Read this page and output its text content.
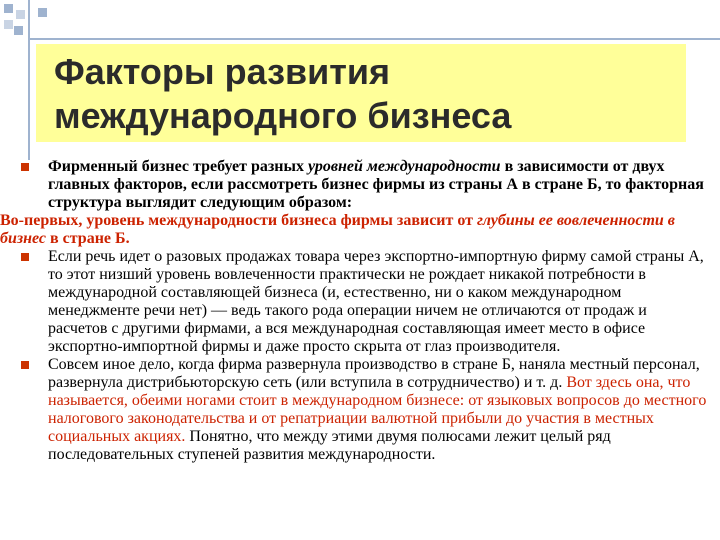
Факторы развития
международного бизнеса

Фирменный бизнес требует разных уровней международности в зависимости от двух главных факторов, если рассмотреть бизнес фирмы из страны А в стране Б, то факторная структура выглядит следующим образом:

Во-первых, уровень международности бизнеса фирмы зависит от глубины ее вовлеченности в бизнес в стране Б.

Если речь идет о разовых продажах товара через экспортно-импортную фирму самой страны А, то этот низший уровень вовлеченности практически не рождает никакой потребности в международной составляющей бизнеса (и, естественно, ни о каком международном менеджменте речи нет) — ведь такого рода операции ничем не отличаются от продаж и расчетов с другими фирмами, а вся международная составляющая имеет место в офисе экспортно-импортной фирмы и даже просто скрыта от глаз производителя.

Совсем иное дело, когда фирма развернула производство в стране Б, наняла местный персонал, развернула дистрибьюторскую сеть (или вступила в сотрудничество) и т. д. Вот здесь она, что называется, обеими ногами стоит в международном бизнесе: от языковых вопросов до местного налогового законодательства и от репатриации валютной прибыли до участия в местных социальных акциях. Понятно, что между этими двумя полюсами лежит целый ряд последовательных ступеней развития международности.
